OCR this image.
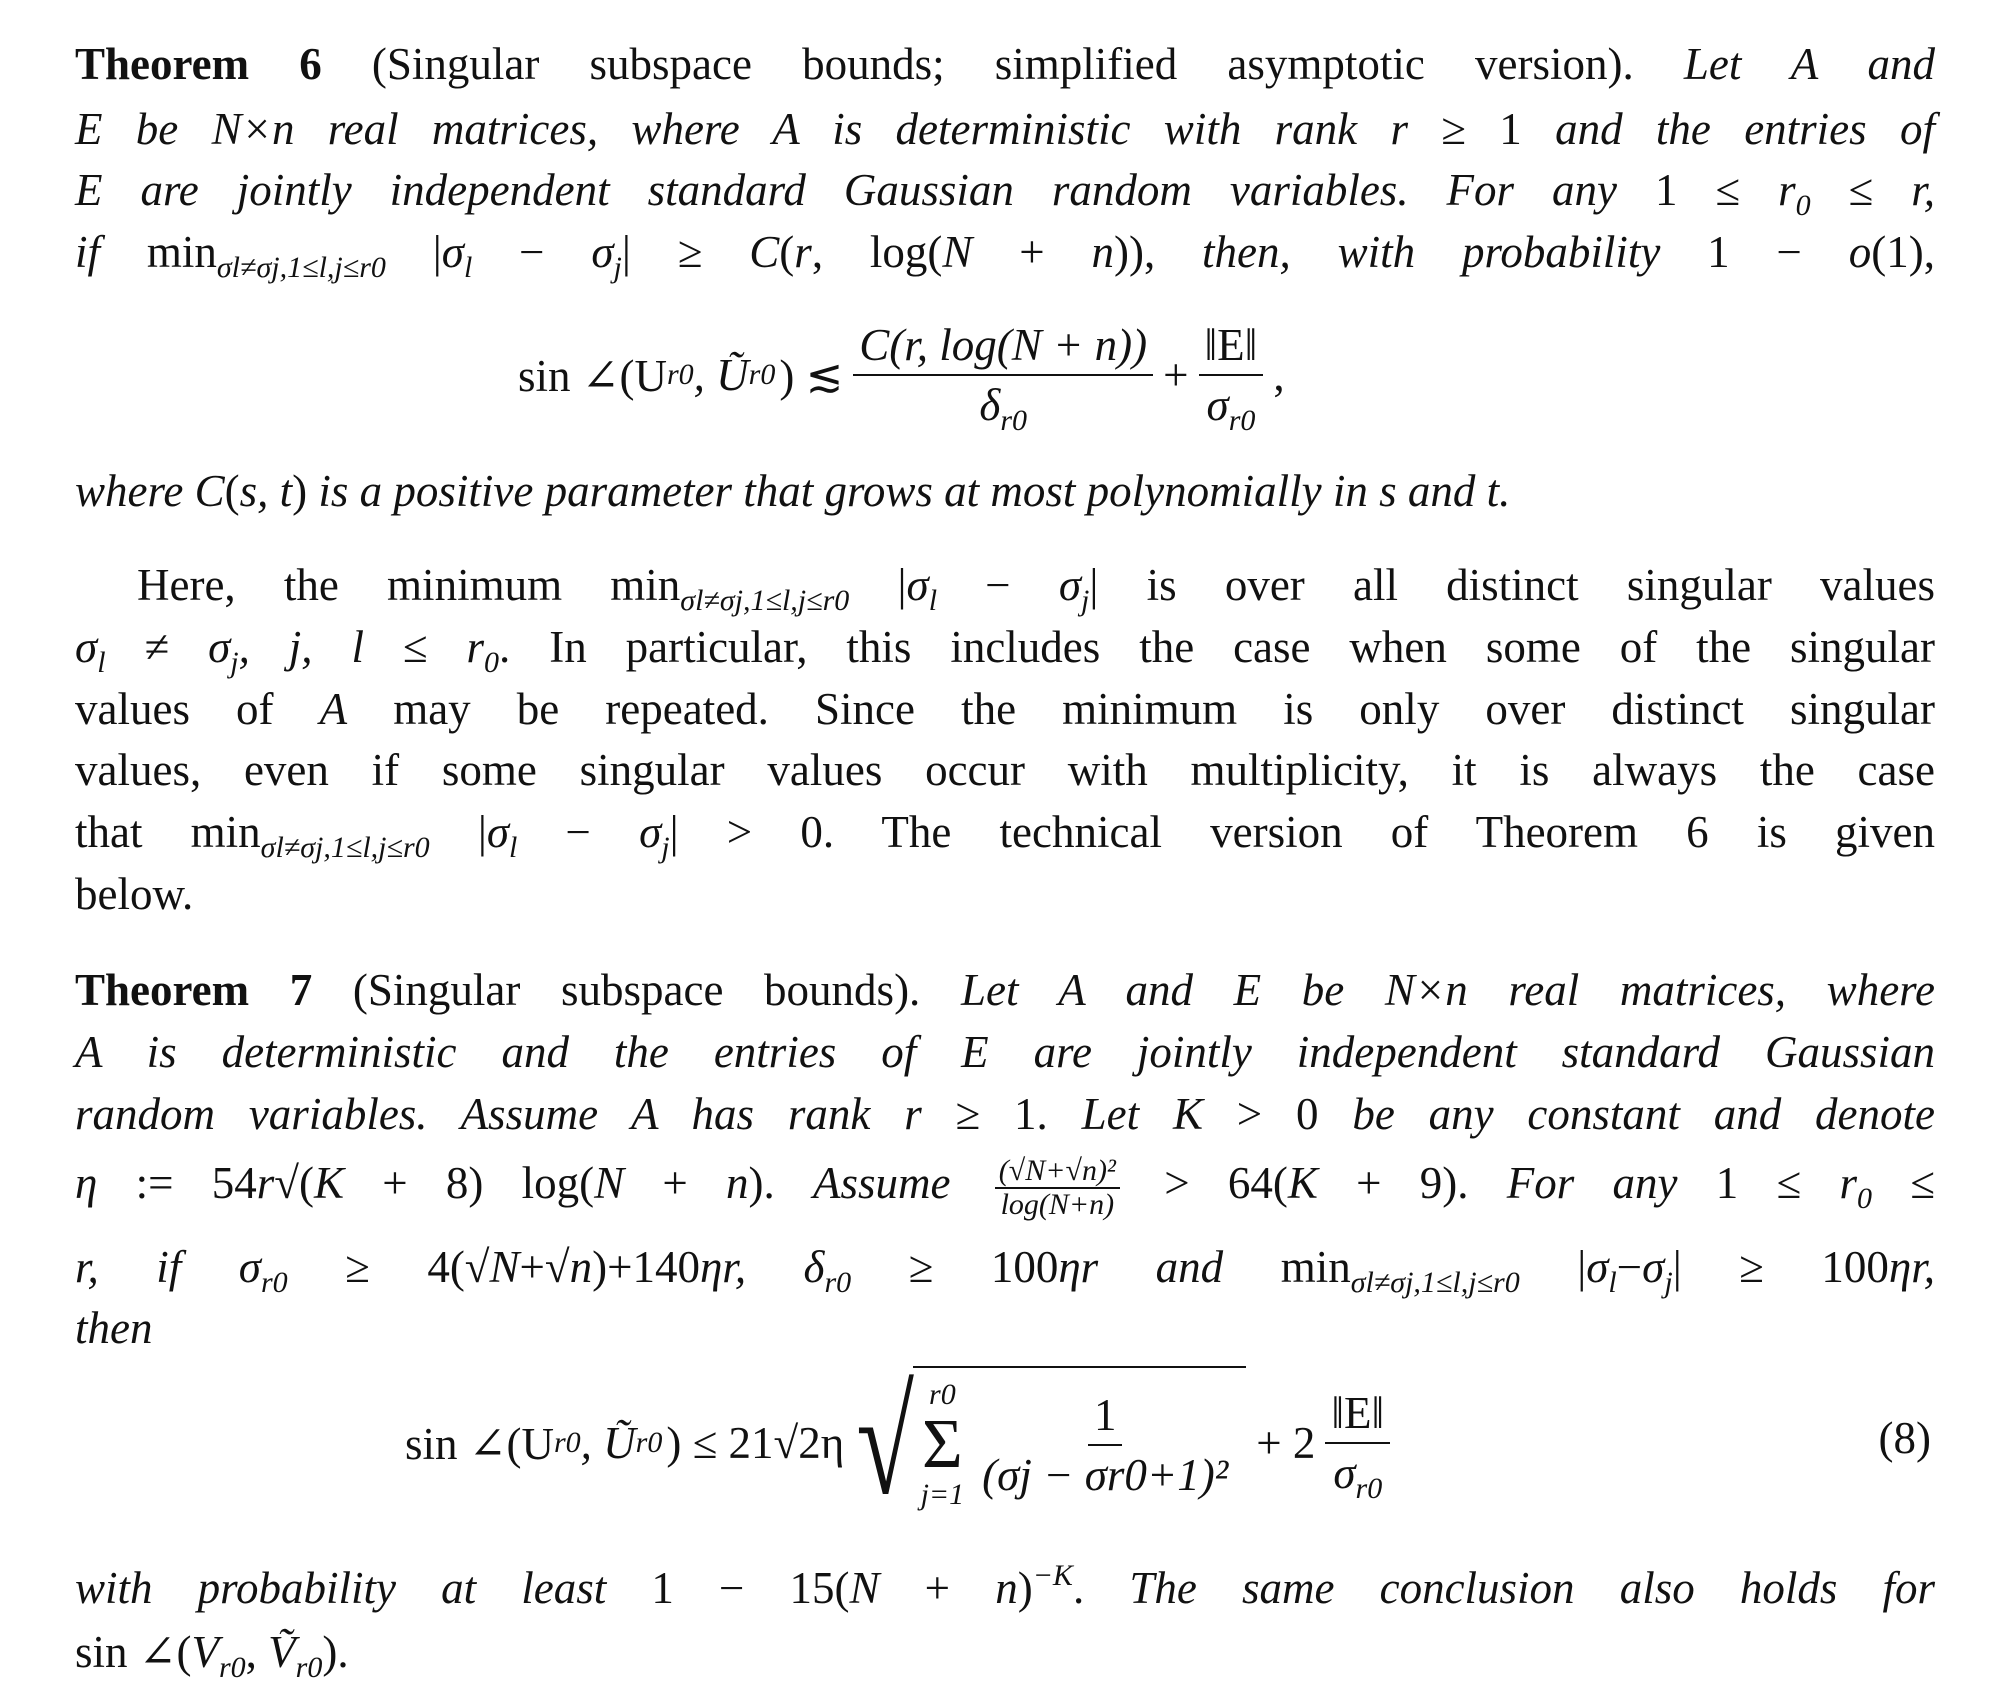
sin ∠(U r0 , Ũ r0 ) ≲
C(r, log(N + n))
$\delta_{r0}$
+ $\frac{‖E‖}{\sigma_{r0}}$ ,
sin ∠(U r0 , Ũ r0 ) ≤ 21√2η √ r0
Σ
$j=1 \frac{1}{\text{(σj − σr0+1)²}} + 2$
‖E‖
$\sigma_{r0}$
(8)
Theorem 6 (Singular subspace bounds; simplified asymptotic version). Let A and
E be N×n real matrices, where A is deterministic with rank r ≥ 1 and the entries of
E are jointly independent standard Gaussian random variables. For any $1 \le r_0 \le r$,
if $\min_{\sigma l\ne\sigma j,1\le l,j\le r0} |\sigma_l - \sigma_j| \ge C(r$, log(N + n)), then, with probability 1 − o(1),
where C(s, t) is a positive parameter that grows at most polynomially in s and t.
Here, the minimum $\min_{\sigma l\ne\sigma j,1\le l,j\le r0} |\sigma_l - \sigma_j|$ is over all distinct singular values
$\sigma_l \ne \sigma_j$, j, $l \le r_0$. In particular, this includes the case when some of the singular
values of A may be repeated. Since the minimum is only over distinct singular
values, even if some singular values occur with multiplicity, it is always the case
that $\min_{\sigma l\ne\sigma j,1\le l,j\le r0} |\sigma_l - \sigma_j| > 0$. The technical version of Theorem 6 is given
below.
Theorem 7 (Singular subspace bounds). Let A and E be N×n real matrices, where
A is deterministic and the entries of E are jointly independent standard Gaussian
random variables. Assume A has rank r ≥ 1. Let K > 0 be any constant and denote
η := 54r√(K + 8) log(N + n). Assume $\frac{\text{(√N+√n)²}}{\log(N+n)} > 64(K + 9)$. For any $1 \le r_0$ ≤
r, if $\sigma_{r0} \ge 4(√N+√n)+140\eta r$, $\delta_{r0} \ge 100\eta r$ and $\min_{\sigma l\ne\sigma j,1\le l,j\le r0} |\sigma_l-\sigma_j| \ge 100\eta r$,
then
with probability at least $1 - 15(N + n)^{-K}$. The same conclusion also holds for
$\sin \angle(V_{r0}$, Ṽ$_{r0}$).
